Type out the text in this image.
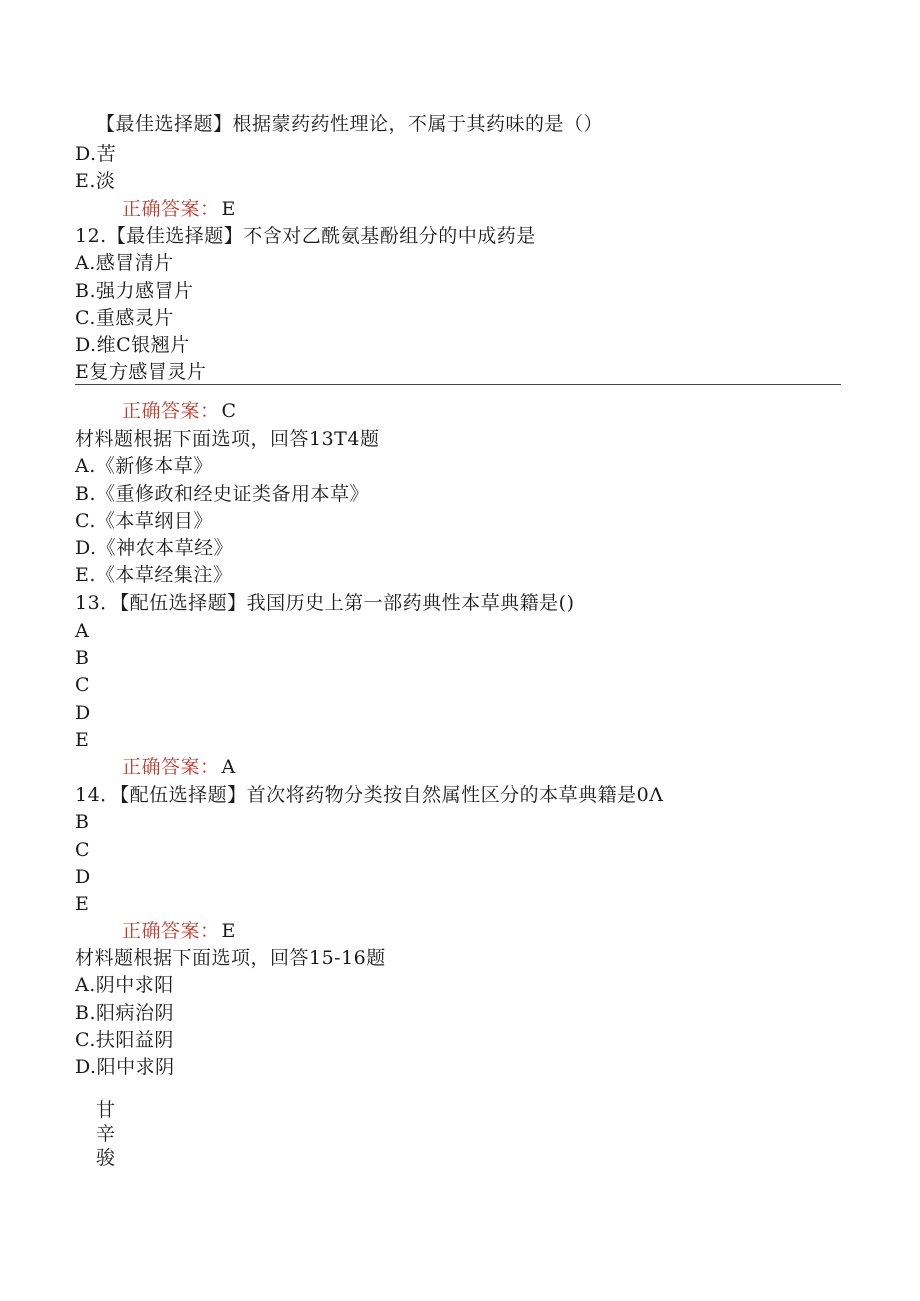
【最佳选择题】根据蒙药药性理论，不属于其药味的是（）
D.苦
E.淡
正确答案： E
12.【最佳选择题】不含对乙酰氨基酚组分的中成药是
A.感冒清片
B.强力感冒片
C.重感灵片
D.维C银翘片
E复方感冒灵片
正确答案： C
材料题根据下面选项，回答13T4题
A.《新修本草》
B.《重修政和经史证类备用本草》
C.《本草纲目》
D.《神农本草经》
E.《本草经集注》
13．【配伍选择题】我国历史上第一部药典性本草典籍是()
A
B
C
D
E
正确答案： A
14．【配伍选择题】首次将药物分类按自然属性区分的本草典籍是0Λ
B
C
D
E
正确答案： E
材料题根据下面选项，回答15-16题
A.阴中求阳
B.阳病治阴
C.扶阳益阴
D.阳中求阴
甘
辛
骏
